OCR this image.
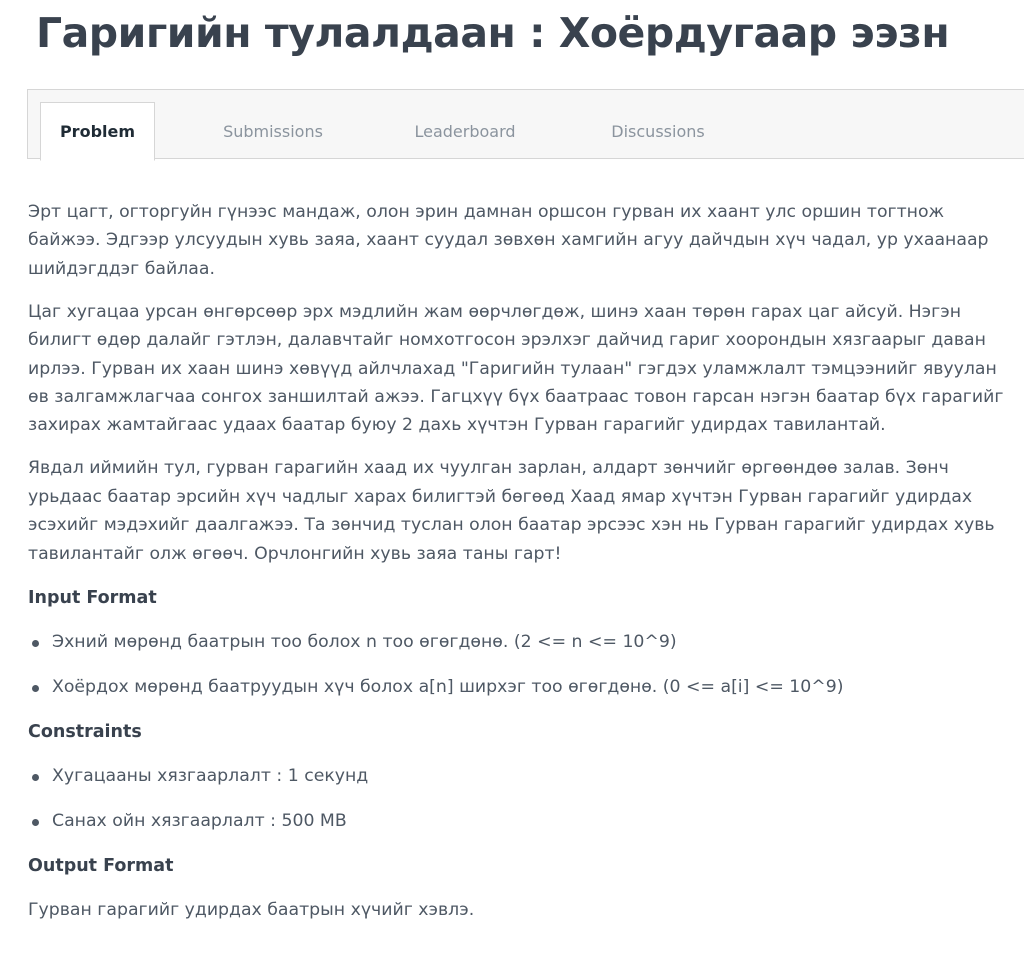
Гаригийн тулалдаан : Хоёрдугаар ээзн
Problem	Submissions	Leaderboard	Discussions

Эрт цагт, огторгуйн гүнээс мандаж, олон эрин дамнан оршсон гурван их хаант улс оршин тогтнож байжээ. Эдгээр улсуудын хувь заяа, хаант суудал зөвхөн хамгийн агуу дайчдын хүч чадал, ур ухаанаар шийдэгддэг байлаа.

Цаг хугацаа урсан өнгөрсөөр эрх мэдлийн жам өөрчлөгдөж, шинэ хаан төрөн гарах цаг айсуй. Нэгэн билигт өдөр далайг гэтлэн, далавчтайг номхотгосон эрэлхэг дайчид гариг хоорондын хязгаарыг даван ирлээ. Гурван их хаан шинэ хөвүүд айлчлахад "Гаригийн тулаан" гэгдэх уламжлалт тэмцээнийг явуулан өв залгамжлагчаа сонгох заншилтай ажээ. Гагцхүү бүх баатраас товон гарсан нэгэн баатар бүх гарагийг захирах жамтайгаас удаах баатар буюу 2 дахь хүчтэн Гурван гарагийг удирдах тавилантай.

Явдал иймийн тул, гурван гарагийн хаад их чуулган зарлан, алдарт зөнчийг өргөөндөө залав. Зөнч урьдаас баатар эрсийн хүч чадлыг харах билигтэй бөгөөд Хаад ямар хүчтэн Гурван гарагийг удирдах эсэхийг мэдэхийг даалгажээ. Та зөнчид туслан олон баатар эрсээс хэн нь Гурван гарагийг удирдах хувь тавилантайг олж өгөөч. Орчлонгийн хувь заяа таны гарт!

Input Format
Эхний мөрөнд баатрын тоо болох n тоо өгөгдөнө. (2 <= n <= 10^9)
Хоёрдох мөрөнд баатруудын хүч болох a[n] ширхэг тоо өгөгдөнө. (0 <= a[i] <= 10^9)
Constraints
Хугацааны хязгаарлалт : 1 секунд
Санах ойн хязгаарлалт : 500 MB
Output Format

Гурван гарагийг удирдах баатрын хүчийг хэвлэ.
